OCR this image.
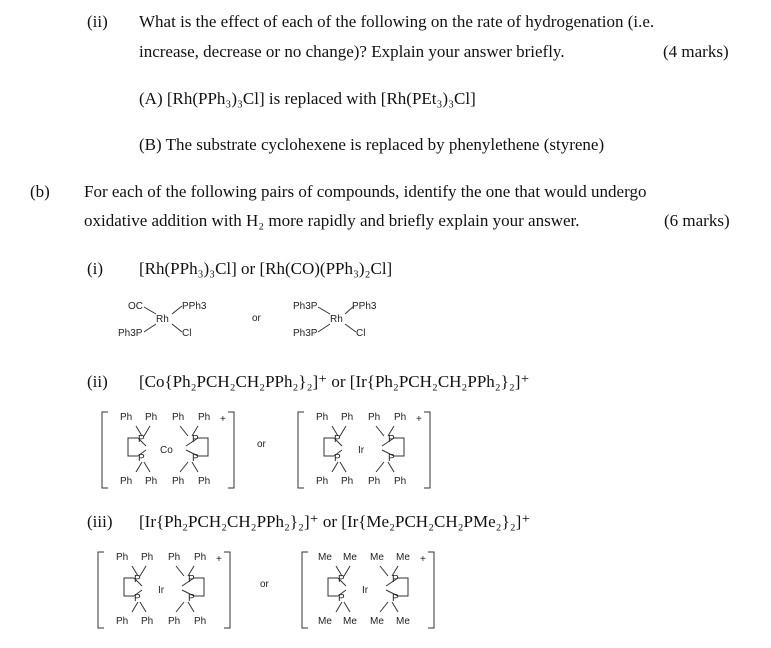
(ii) What is the effect of each of the following on the rate of hydrogenation (i.e.
increase, decrease or no change)? Explain your answer briefly.	(4 marks)
(A) [Rh(PPh₃)₃Cl] is replaced with [Rh(PEt₃)₃Cl]
(B) The substrate cyclohexene is replaced by phenylethene (styrene)
(b) For each of the following pairs of compounds, identify the one that would undergo
oxidative addition with H₂ more rapidly and briefly explain your answer.	(6 marks)
(i) [Rh(PPh₃)₃Cl] or [Rh(CO)(PPh₃)₂Cl]
OC	PPh3
Rh
Ph3P	Cl
or
Ph3P	PPh3
Rh
Ph3P	Cl
(ii) [Co{Ph₂PCH₂CH₂PPh₂}₂]⁺ or [Ir{Ph₂PCH₂CH₂PPh₂}₂]⁺
Ph Ph Ph Ph +
P	P
P	P
Co
Ph Ph Ph Ph
or
Ph Ph Ph Ph +
P	P
P	P
Ir
Ph Ph Ph Ph
(iii) [Ir{Ph₂PCH₂CH₂PPh₂}₂]⁺ or [Ir{Me₂PCH₂CH₂PMe₂}₂]⁺
Ph Ph Ph Ph +
P	P
P	P
Ir
Ph Ph Ph Ph
or
Me Me Me Me +
P	P
P	P
Ir
Me Me Me Me
